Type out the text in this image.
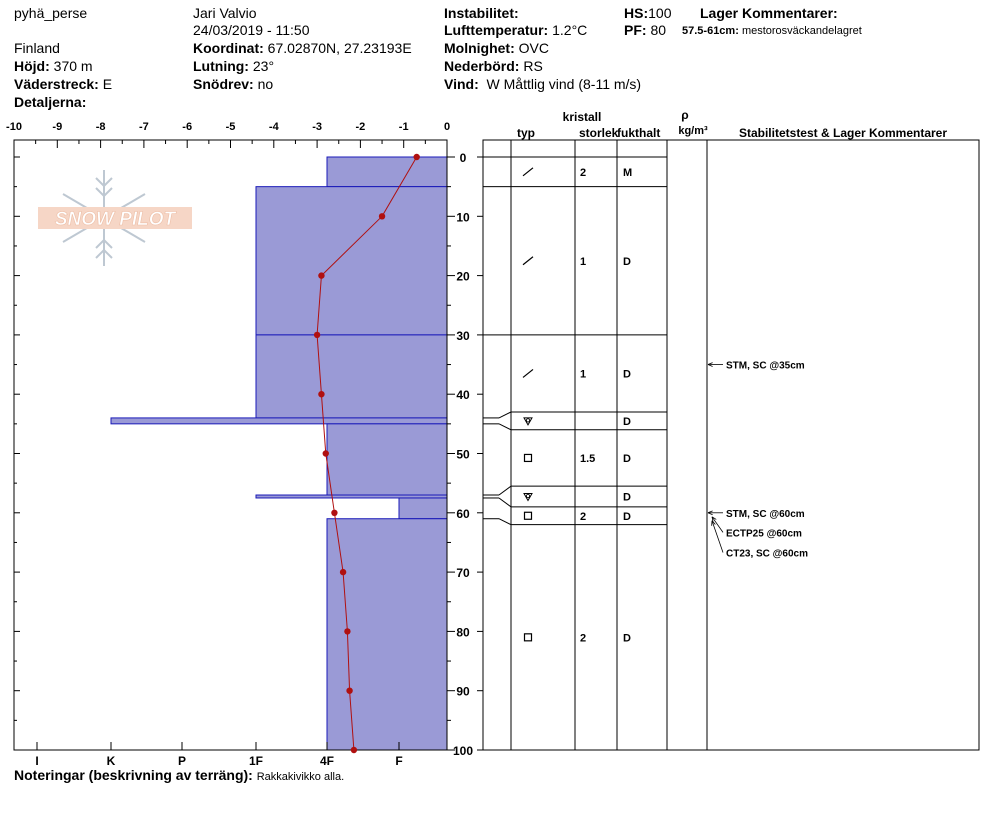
pyhä_perse
Finland
Höjd: 370 m
Väderstreck: E
Detaljerna:
Jari Valvio
24/03/2019 - 11:50
Koordinat: 67.02870N, 27.23193E
Lutning: 23°
Snödrev: no
Instabilitet:
Lufttemperatur: 1.2°C
Molnighet: OVC
Nederbörd: RS
Vind: W Måttlig vind (8-11 m/s)
HS:100
PF: 80
Lager Kommentarer:
57.5-61cm: mestorosväckandelagret
Noteringar (beskrivning av terräng): Rakkakivikko alla.
SNOW PILOT
-10	-9	-8	-7	-6	-5	-4	-3	-2	-1	0
0
10
20
30
40
50
60
70
80
90
100
I	K	P	1F	4F	F
typ
kristall
storlek
fukthalt
ρ
kg/m³	Stabilitetstest & Lager Kommentarer
2	M
1	D
1	D
D
1.5	D
D
2	D
2	D
STM, SC @35cm
STM, SC @60cm
ECTP25 @60cm
CT23, SC @60cm
